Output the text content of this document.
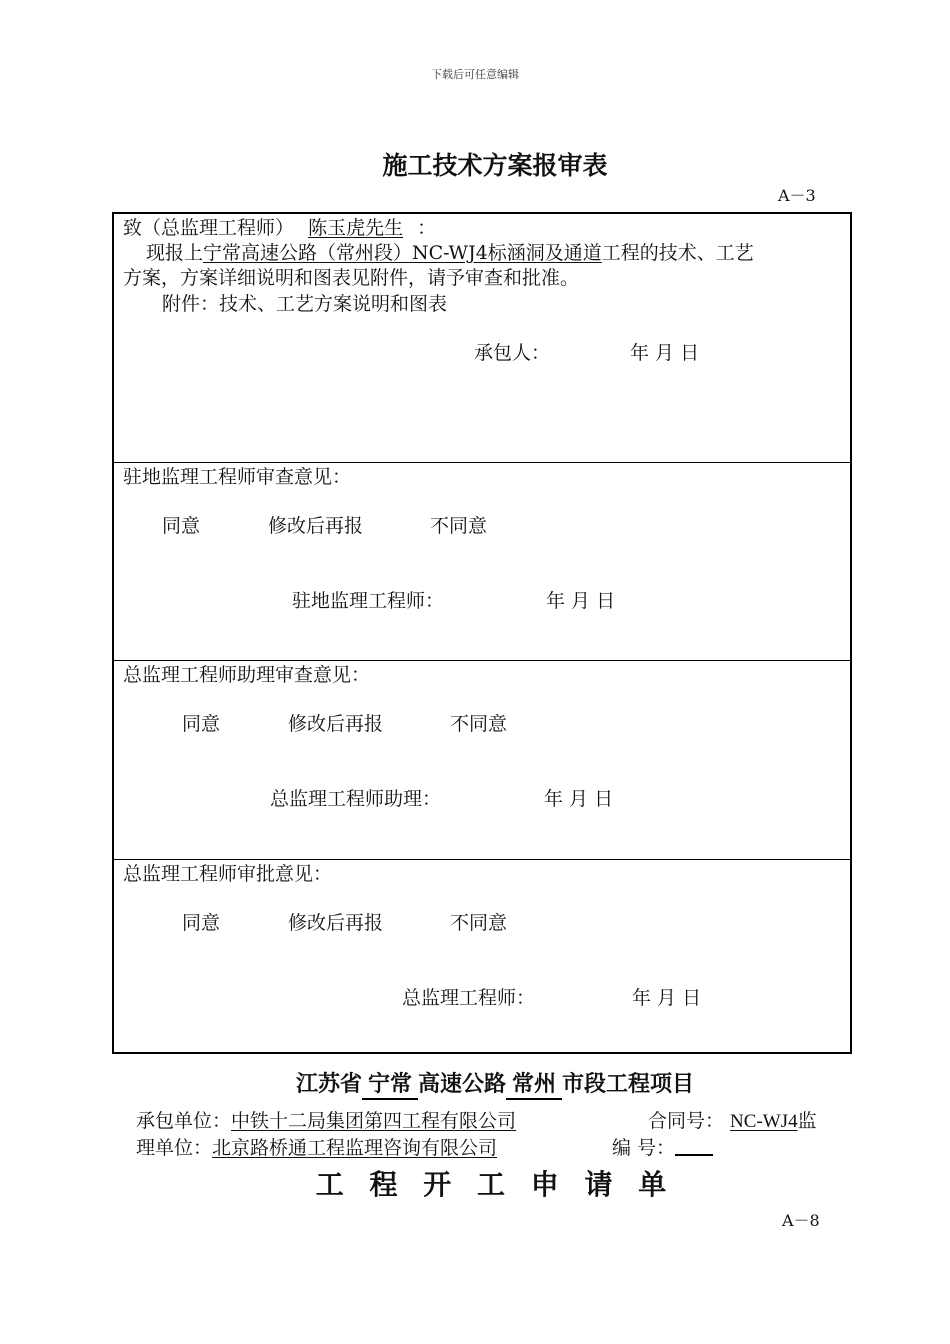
下载后可任意编辑
施工技术方案报审表
A－3
致（总监理工程师） 陈玉虎先生 ：
现报上宁常高速公路（常州段）NC-WJ4标涵洞及通道工程的技术、工艺
方案，方案详细说明和图表见附件，请予审查和批准。
附件：技术、工艺方案说明和图表
承包人：	年 月 日
驻地监理工程师审查意见：
同意	修改后再报	不同意
驻地监理工程师：	年 月 日
总监理工程师助理审查意见：
同意	修改后再报	不同意
总监理工程师助理：	年 月 日
总监理工程师审批意见：
同意	修改后再报	不同意
总监理工程师：	年 月 日
江苏省 宁常 高速公路 常州 市段工程项目
承包单位：中铁十二局集团第四工程有限公司	合同号： NC-WJ4监
理单位：北京路桥通工程监理咨询有限公司	编 号：
工 程 开 工 申 请 单
A－8
